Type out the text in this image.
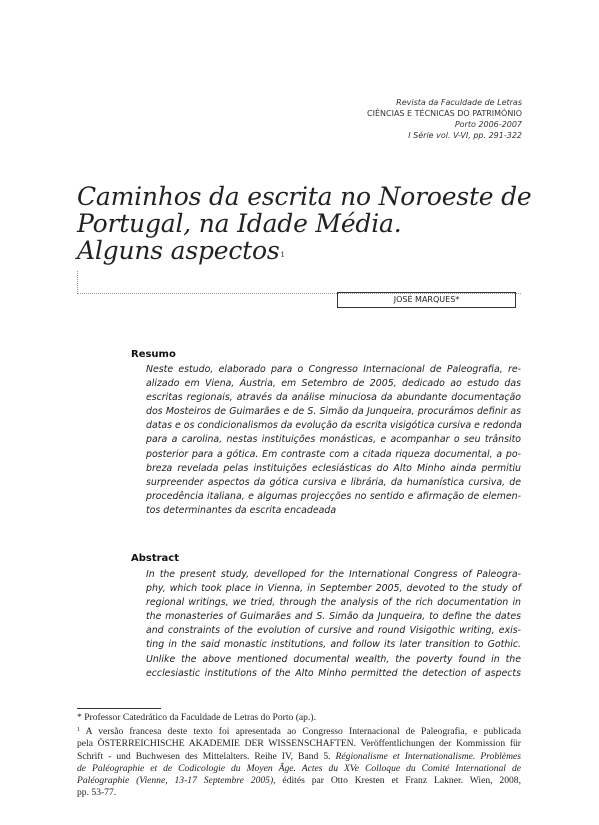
Revista da Faculdade de Letras
CIÊNCIAS E TÉCNICAS DO PATRIMÓNIO
Porto 2006-2007
I Série vol. V-VI, pp. 291-322
Caminhos da escrita no Noroeste de
Portugal, na Idade Média.
Alguns aspectos$^1$
JOSÉ MARQUES*
Resumo
Neste estudo, elaborado para o Congresso Internacional de Paleografia, re-
alizado em Viena, Áustria, em Setembro de 2005, dedicado ao estudo das
escritas regionais, através da análise minuciosa da abundante documentação
dos Mosteiros de Guimarães e de S. Simão da Junqueira, procurámos definir as
datas e os condicionalismos da evolução da escrita visigótica cursiva e redonda
para a carolina, nestas instituições monásticas, e acompanhar o seu trânsito
posterior para a gótica. Em contraste com a citada riqueza documental, a po-
breza revelada pelas instituições eclesiásticas do Alto Minho ainda permitiu
surpreender aspectos da gótica cursiva e librária, da humanística cursiva, de
procedência italiana, e algumas projecções no sentido e afirmação de elemen-
tos determinantes da escrita encadeada
Abstract
In the present study, develloped for the International Congress of Paleogra-
phy, which took place in Vienna, in September 2005, devoted to the study of
regional writings, we tried, through the analysis of the rich documentation in
the monasteries of Guimarães and S. Simão da Junqueira, to define the dates
and constraints of the evolution of cursive and round Visigothic writing, exis-
ting in the said monastic institutions, and follow its later transition to Gothic.
Unlike the above mentioned documental wealth, the poverty found in the
ecclesiastic institutions of the Alto Minho permitted the detection of aspects
* Professor Catedrático da Faculdade de Letras do Porto (ap.).
$^1$ A versão francesa deste texto foi apresentada ao Congresso Internacional de Paleografia, e publicada
pela ÖSTERREICHISCHE AKADEMIE DER WISSENSCHAFTEN. Veröffentlichungen der Kommission für
Schrift - und Buchwesen des Mittelalters. Reihe IV, Band 5. Régionalisme et Internationalisme. Problèmes
de Paléographie et de Codicologie du Moyen Âge. Actes du XVe Colloque du Comité International de
Paléographie (Vienne, 13-17 Septembre 2005), édités par Otto Kresten et Franz Lakner. Wien, 2008,
pp. 53-77.
